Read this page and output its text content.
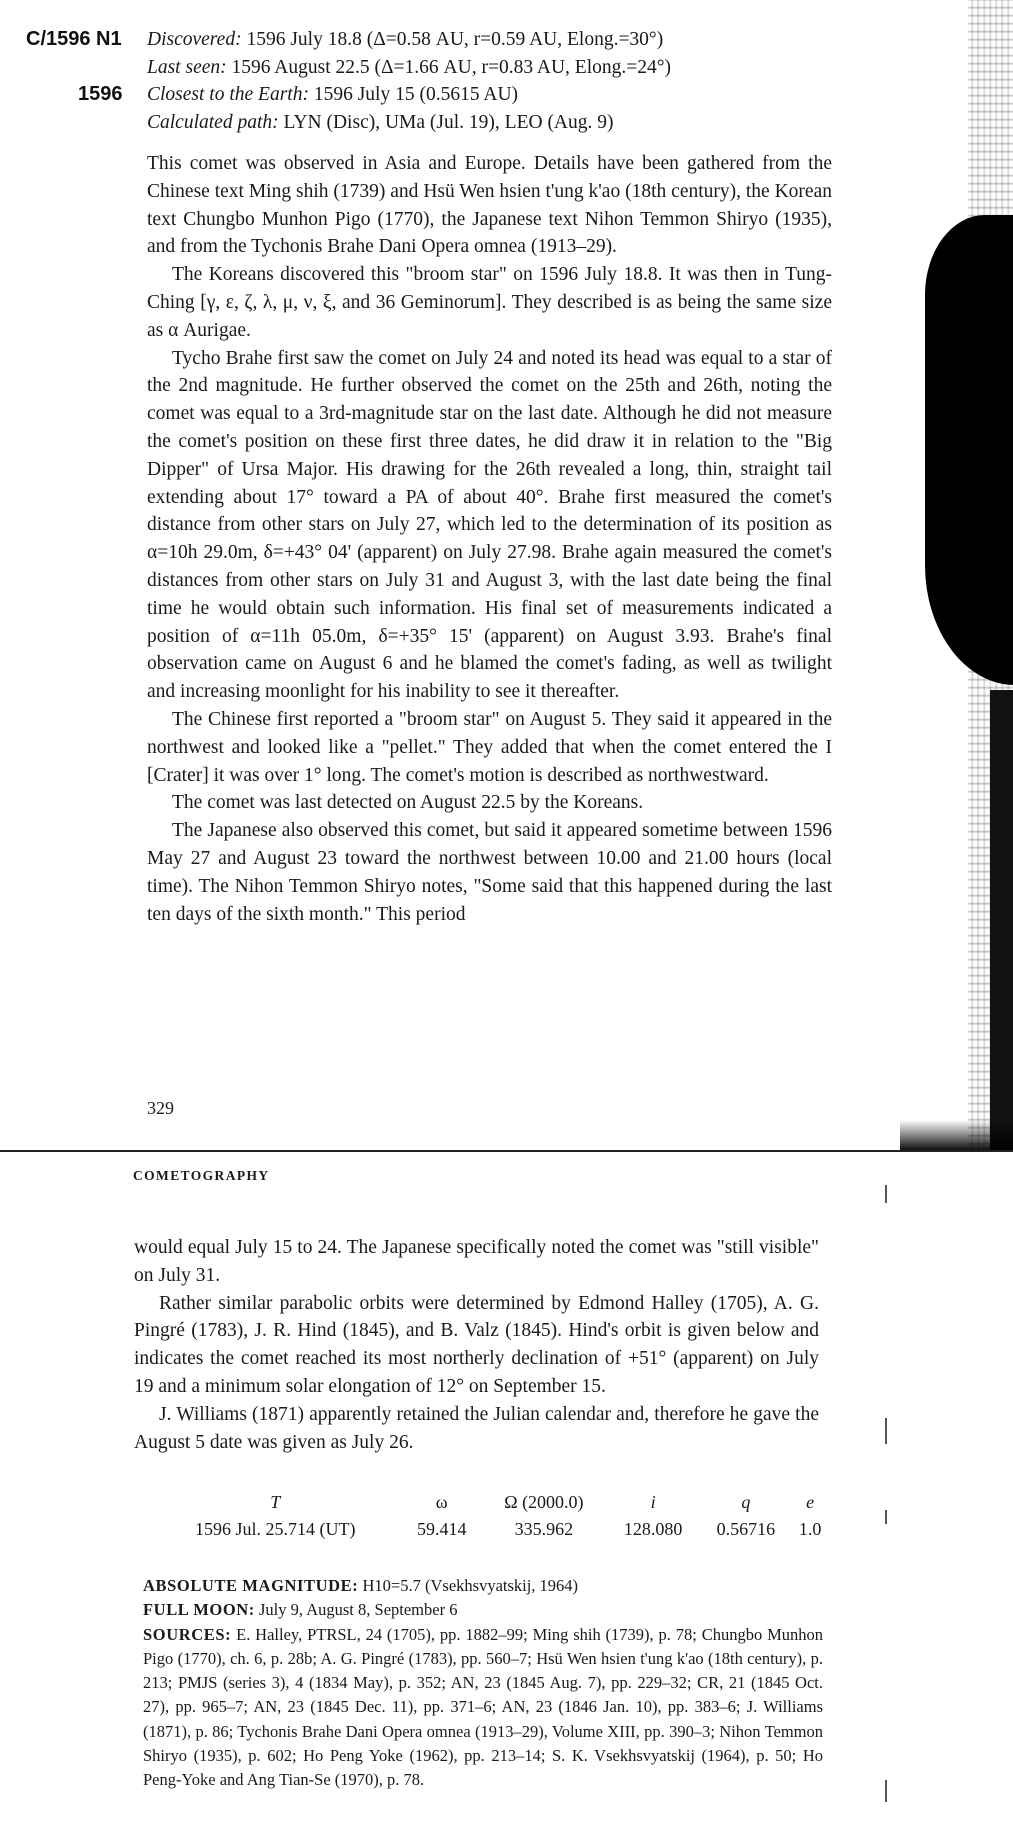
C/1596 N1
1596
Discovered: 1596 July 18.8 (Δ=0.58 AU, r=0.59 AU, Elong.=30°)
Last seen: 1596 August 22.5 (Δ=1.66 AU, r=0.83 AU, Elong.=24°)
Closest to the Earth: 1596 July 15 (0.5615 AU)
Calculated path: LYN (Disc), UMa (Jul. 19), LEO (Aug. 9)

This comet was observed in Asia and Europe. Details have been gathered from the Chinese text Ming shih (1739) and Hsü Wen hsien t'ung k'ao (18th century), the Korean text Chungbo Munhon Pigo (1770), the Japanese text Nihon Temmon Shiryo (1935), and from the Tychonis Brahe Dani Opera omnea (1913–29).

The Koreans discovered this "broom star" on 1596 July 18.8. It was then in Tung-Ching [γ, ε, ζ, λ, μ, ν, ξ, and 36 Geminorum]. They described is as being the same size as α Aurigae.

Tycho Brahe first saw the comet on July 24 and noted its head was equal to a star of the 2nd magnitude. He further observed the comet on the 25th and 26th, noting the comet was equal to a 3rd-magnitude star on the last date. Although he did not measure the comet's position on these first three dates, he did draw it in relation to the "Big Dipper" of Ursa Major. His drawing for the 26th revealed a long, thin, straight tail extending about 17° toward a PA of about 40°. Brahe first measured the comet's distance from other stars on July 27, which led to the determination of its position as α=10h 29.0m, δ=+43° 04' (apparent) on July 27.98. Brahe again measured the comet's distances from other stars on July 31 and August 3, with the last date being the final time he would obtain such information. His final set of measurements indicated a position of α=11h 05.0m, δ=+35° 15' (apparent) on August 3.93. Brahe's final observation came on August 6 and he blamed the comet's fading, as well as twilight and increasing moonlight for his inability to see it thereafter.

The Chinese first reported a "broom star" on August 5. They said it appeared in the northwest and looked like a "pellet." They added that when the comet entered the I [Crater] it was over 1° long. The comet's motion is described as northwestward.

The comet was last detected on August 22.5 by the Koreans.

The Japanese also observed this comet, but said it appeared sometime between 1596 May 27 and August 23 toward the northwest between 10.00 and 21.00 hours (local time). The Nihon Temmon Shiryo notes, "Some said that this happened during the last ten days of the sixth month." This period

329
COMETOGRAPHY

would equal July 15 to 24. The Japanese specifically noted the comet was "still visible" on July 31.

Rather similar parabolic orbits were determined by Edmond Halley (1705), A. G. Pingré (1783), J. R. Hind (1845), and B. Valz (1845). Hind's orbit is given below and indicates the comet reached its most northerly declination of +51° (apparent) on July 19 and a minimum solar elongation of 12° on September 15.

J. Williams (1871) apparently retained the Julian calendar and, therefore he gave the August 5 date was given as July 26.

T	ω	Ω (2000.0)	i	q	e
1596 Jul. 25.714 (UT)	59.414	335.962	128.080	0.56716	1.0

ABSOLUTE MAGNITUDE: H10=5.7 (Vsekhsvyatskij, 1964)

FULL MOON: July 9, August 8, September 6

SOURCES: E. Halley, PTRSL, 24 (1705), pp. 1882–99; Ming shih (1739), p. 78; Chungbo Munhon Pigo (1770), ch. 6, p. 28b; A. G. Pingré (1783), pp. 560–7; Hsü Wen hsien t'ung k'ao (18th century), p. 213; PMJS (series 3), 4 (1834 May), p. 352; AN, 23 (1845 Aug. 7), pp. 229–32; CR, 21 (1845 Oct. 27), pp. 965–7; AN, 23 (1845 Dec. 11), pp. 371–6; AN, 23 (1846 Jan. 10), pp. 383–6; J. Williams (1871), p. 86; Tychonis Brahe Dani Opera omnea (1913–29), Volume XIII, pp. 390–3; Nihon Temmon Shiryo (1935), p. 602; Ho Peng Yoke (1962), pp. 213–14; S. K. Vsekhsvyatskij (1964), p. 50; Ho Peng-Yoke and Ang Tian-Se (1970), p. 78.
